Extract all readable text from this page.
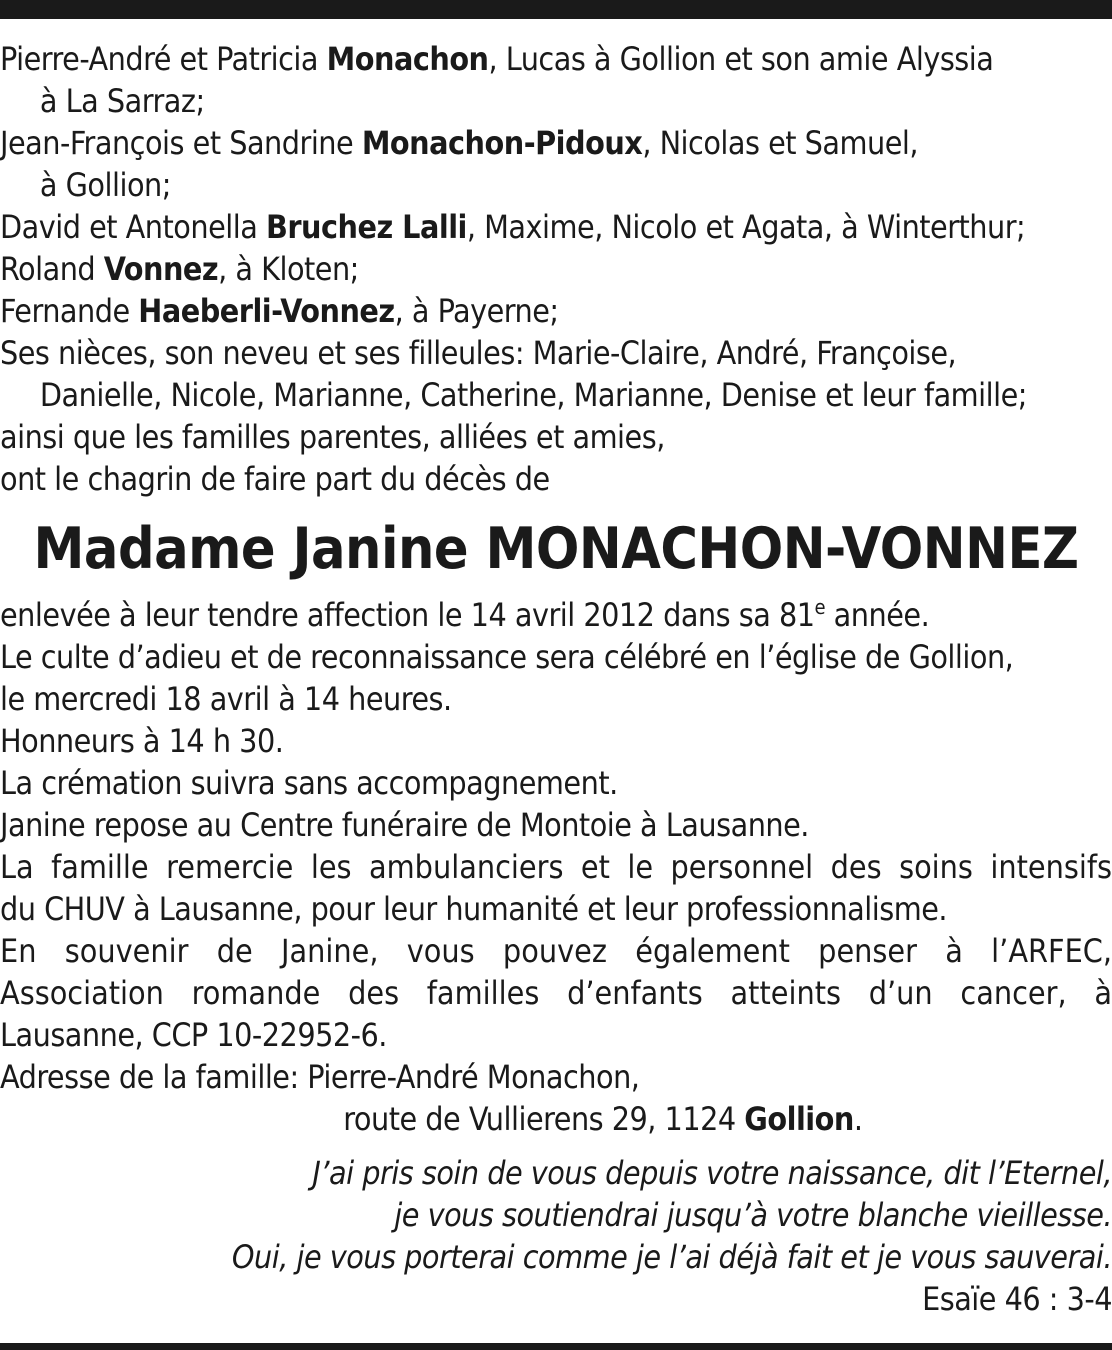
Pierre-André et Patricia Monachon, Lucas à Gollion et son amie Alyssia
à La Sarraz;
Jean-François et Sandrine Monachon-Pidoux, Nicolas et Samuel,
à Gollion;
David et Antonella Bruchez Lalli, Maxime, Nicolo et Agata, à Winterthur;
Roland Vonnez, à Kloten;
Fernande Haeberli-Vonnez, à Payerne;
Ses nièces, son neveu et ses filleules: Marie-Claire, André, Françoise,
Danielle, Nicole, Marianne, Catherine, Marianne, Denise et leur famille;
ainsi que les familles parentes, alliées et amies,
ont le chagrin de faire part du décès de
Madame Janine MONACHON-VONNEZ
enlevée à leur tendre affection le 14 avril 2012 dans sa 81e année.
Le culte d’adieu et de reconnaissance sera célébré en l’église de Gollion,
le mercredi 18 avril à 14 heures.
Honneurs à 14 h 30.
La crémation suivra sans accompagnement.
Janine repose au Centre funéraire de Montoie à Lausanne.
La famille remercie les ambulanciers et le personnel des soins intensifs
du CHUV à Lausanne, pour leur humanité et leur professionnalisme.
En souvenir de Janine, vous pouvez également penser à l’ARFEC,
Association romande des familles d’enfants atteints d’un cancer, à
Lausanne, CCP 10-22952-6.
Adresse de la famille: Pierre-André Monachon,
route de Vullierens 29, 1124 Gollion.
J’ai pris soin de vous depuis votre naissance, dit l’Eternel,
je vous soutiendrai jusqu’à votre blanche vieillesse.
Oui, je vous porterai comme je l’ai déjà fait et je vous sauverai.
Esaïe 46 : 3-4
